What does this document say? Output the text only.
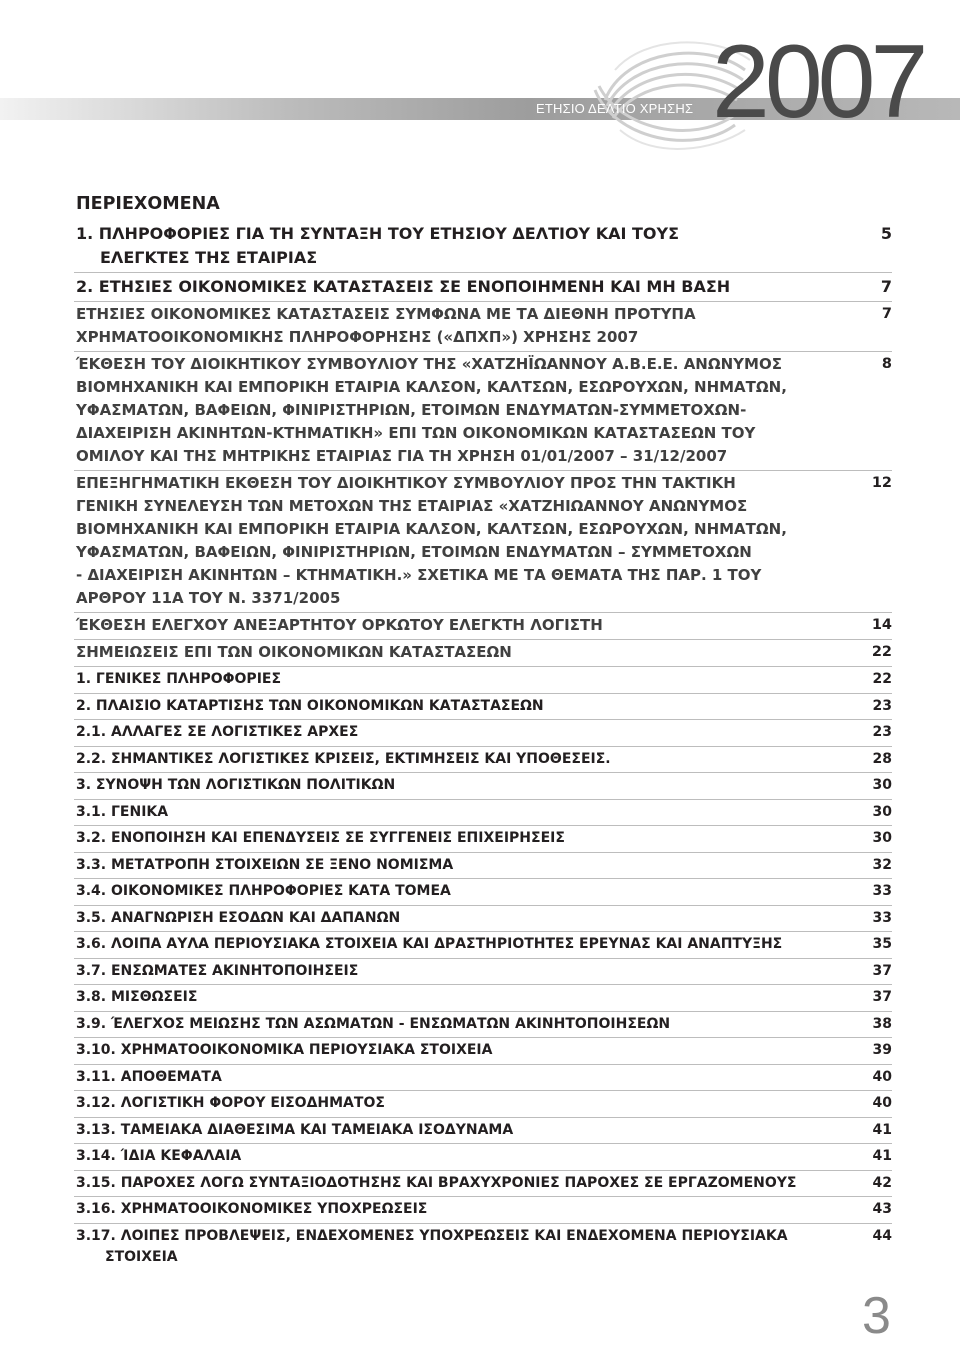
ΕΤΗΣΙΟ ΔΕΛΤΙΟ ΧΡΗΣΗΣ 2007
ΠΕΡΙΕΧΟΜΕΝΑ
1. ΠΛΗΡΟΦΟΡΙΕΣ ΓΙΑ ΤΗ ΣΥΝΤΑΞΗ ΤΟΥ ΕΤΗΣΙΟΥ ΔΕΛΤΙΟΥ ΚΑΙ ΤΟΥΣ
ΕΛΕΓΚΤΕΣ ΤΗΣ ΕΤΑΙΡΙΑΣ
5
2. ΕΤΗΣΙΕΣ ΟΙΚΟΝΟΜΙΚΕΣ ΚΑΤΑΣΤΑΣΕΙΣ ΣΕ ΕΝΟΠΟΙΗΜΕΝΗ ΚΑΙ ΜΗ ΒΑΣΗ	7
ΕΤΗΣΙΕΣ ΟΙΚΟΝΟΜΙΚΕΣ ΚΑΤΑΣΤΑΣΕΙΣ ΣΥΜΦΩΝΑ ΜΕ ΤΑ ΔΙΕΘΝΗ ΠΡΟΤΥΠΑ
ΧΡΗΜΑΤΟΟΙΚΟΝΟΜΙΚΗΣ ΠΛΗΡΟΦΟΡΗΣΗΣ («ΔΠΧΠ») ΧΡΗΣΗΣ 2007
7
ΈΚΘΕΣΗ ΤΟΥ ΔΙΟΙΚΗΤΙΚΟΥ ΣΥΜΒΟΥΛΙΟΥ ΤΗΣ «ΧΑΤΖΗΪΩΑΝΝΟΥ Α.Β.Ε.Ε. ΑΝΩΝΥΜΟΣ
ΒΙΟΜΗΧΑΝΙΚΗ ΚΑΙ ΕΜΠΟΡΙΚΗ ΕΤΑΙΡΙΑ ΚΑΛΣΟΝ, ΚΑΛΤΣΩΝ, ΕΣΩΡΟΥΧΩΝ, ΝΗΜΑΤΩΝ,
ΥΦΑΣΜΑΤΩΝ, ΒΑΦΕΙΩΝ, ΦΙΝΙΡΙΣΤΗΡΙΩΝ, ΕΤΟΙΜΩΝ ΕΝΔΥΜΑΤΩΝ-ΣΥΜΜΕΤΟΧΩΝ-
ΔΙΑΧΕΙΡΙΣΗ ΑΚΙΝΗΤΩΝ-ΚΤΗΜΑΤΙΚΗ» ΕΠΙ ΤΩΝ ΟΙΚΟΝΟΜΙΚΩΝ ΚΑΤΑΣΤΑΣΕΩΝ ΤΟΥ
ΟΜΙΛΟΥ ΚΑΙ ΤΗΣ ΜΗΤΡΙΚΗΣ ΕΤΑΙΡΙΑΣ ΓΙΑ ΤΗ ΧΡΗΣΗ 01/01/2007 – 31/12/2007
8
ΕΠΕΞΗΓΗΜΑΤΙΚΗ ΕΚΘΕΣΗ ΤΟΥ ΔΙΟΙΚΗΤΙΚΟΥ ΣΥΜΒΟΥΛΙΟΥ ΠΡΟΣ ΤΗΝ ΤΑΚΤΙΚΗ
ΓΕΝΙΚΗ ΣΥΝΕΛΕΥΣΗ ΤΩΝ ΜΕΤΟΧΩΝ ΤΗΣ ΕΤΑΙΡΙΑΣ «ΧΑΤΖΗΙΩΑΝΝΟΥ ΑΝΩΝΥΜΟΣ
ΒΙΟΜΗΧΑΝΙΚΗ ΚΑΙ ΕΜΠΟΡΙΚΗ ΕΤΑΙΡΙΑ ΚΑΛΣΟΝ, ΚΑΛΤΣΩΝ, ΕΣΩΡΟΥΧΩΝ, ΝΗΜΑΤΩΝ,
ΥΦΑΣΜΑΤΩΝ, ΒΑΦΕΙΩΝ, ΦΙΝΙΡΙΣΤΗΡΙΩΝ, ΕΤΟΙΜΩΝ ΕΝΔΥΜΑΤΩΝ – ΣΥΜΜΕΤΟΧΩΝ
- ΔΙΑΧΕΙΡΙΣΗ ΑΚΙΝΗΤΩΝ – ΚΤΗΜΑΤΙΚΗ.» ΣΧΕΤΙΚΑ ΜΕ ΤΑ ΘΕΜΑΤΑ ΤΗΣ ΠΑΡ. 1 ΤΟΥ
ΑΡΘΡΟΥ 11Α ΤΟΥ Ν. 3371/2005
12
ΈΚΘΕΣΗ ΕΛΕΓΧΟΥ ΑΝΕΞΑΡΤΗΤΟΥ ΟΡΚΩΤΟΥ ΕΛΕΓΚΤΗ ΛΟΓΙΣΤΗ	14
ΣΗΜΕΙΩΣΕΙΣ ΕΠΙ ΤΩΝ ΟΙΚΟΝΟΜΙΚΩΝ ΚΑΤΑΣΤΑΣΕΩΝ	22
1. ΓΕΝΙΚΕΣ ΠΛΗΡΟΦΟΡΙΕΣ	22
2. ΠΛΑΙΣΙΟ ΚΑΤΑΡΤΙΣΗΣ ΤΩΝ ΟΙΚΟΝΟΜΙΚΩΝ ΚΑΤΑΣΤΑΣΕΩΝ	23
2.1. ΑΛΛΑΓΕΣ ΣΕ ΛΟΓΙΣΤΙΚΕΣ ΑΡΧΕΣ	23
2.2. ΣΗΜΑΝΤΙΚΕΣ ΛΟΓΙΣΤΙΚΕΣ ΚΡΙΣΕΙΣ, ΕΚΤΙΜΗΣΕΙΣ ΚΑΙ ΥΠΟΘΕΣΕΙΣ.	28
3. ΣΥΝΟΨΗ ΤΩΝ ΛΟΓΙΣΤΙΚΩΝ ΠΟΛΙΤΙΚΩΝ	30
3.1. ΓΕΝΙΚΑ	30
3.2. ΕΝΟΠΟΙΗΣΗ ΚΑΙ ΕΠΕΝΔΥΣΕΙΣ ΣΕ ΣΥΓΓΕΝΕΙΣ ΕΠΙΧΕΙΡΗΣΕΙΣ	30
3.3. ΜΕΤΑΤΡΟΠΗ ΣΤΟΙΧΕΙΩΝ ΣΕ ΞΕΝΟ ΝΟΜΙΣΜΑ	32
3.4. ΟΙΚΟΝΟΜΙΚΕΣ ΠΛΗΡΟΦΟΡΙΕΣ ΚΑΤΑ ΤΟΜΕΑ	33
3.5. ΑΝΑΓΝΩΡΙΣΗ ΕΣΟΔΩΝ ΚΑΙ ΔΑΠΑΝΩΝ	33
3.6. ΛΟΙΠΑ ΑΥΛΑ ΠΕΡΙΟΥΣΙΑΚΑ ΣΤΟΙΧΕΙΑ ΚΑΙ ΔΡΑΣΤΗΡΙΟΤΗΤΕΣ ΕΡΕΥΝΑΣ ΚΑΙ ΑΝΑΠΤΥΞΗΣ	35
3.7. ΕΝΣΩΜΑΤΕΣ ΑΚΙΝΗΤΟΠΟΙΗΣΕΙΣ	37
3.8. ΜΙΣΘΩΣΕΙΣ	37
3.9. ΈΛΕΓΧΟΣ ΜΕΙΩΣΗΣ ΤΩΝ ΑΣΩΜΑΤΩΝ - ΕΝΣΩΜΑΤΩΝ ΑΚΙΝΗΤΟΠΟΙΗΣΕΩΝ	38
3.10. ΧΡΗΜΑΤΟΟΙΚΟΝΟΜΙΚΑ ΠΕΡΙΟΥΣΙΑΚΑ ΣΤΟΙΧΕΙΑ	39
3.11. ΑΠΟΘΕΜΑΤΑ	40
3.12. ΛΟΓΙΣΤΙΚΗ ΦΟΡΟΥ ΕΙΣΟΔΗΜΑΤΟΣ	40
3.13. ΤΑΜΕΙΑΚΑ ΔΙΑΘΕΣΙΜΑ ΚΑΙ ΤΑΜΕΙΑΚΑ ΙΣΟΔΥΝΑΜΑ	41
3.14. ΊΔΙΑ ΚΕΦΑΛΑΙΑ	41
3.15. ΠΑΡΟΧΕΣ ΛΟΓΩ ΣΥΝΤΑΞΙΟΔΟΤΗΣΗΣ ΚΑΙ ΒΡΑΧΥΧΡΟΝΙΕΣ ΠΑΡΟΧΕΣ ΣΕ ΕΡΓΑΖΟΜΕΝΟΥΣ	42
3.16. ΧΡΗΜΑΤΟΟΙΚΟΝΟΜΙΚΕΣ ΥΠΟΧΡΕΩΣΕΙΣ	43
3.17. ΛΟΙΠΕΣ ΠΡΟΒΛΕΨΕΙΣ, ΕΝΔΕΧΟΜΕΝΕΣ ΥΠΟΧΡΕΩΣΕΙΣ ΚΑΙ ΕΝΔΕΧΟΜΕΝΑ ΠΕΡΙΟΥΣΙΑΚΑ
ΣΤΟΙΧΕΙΑ
44
3
